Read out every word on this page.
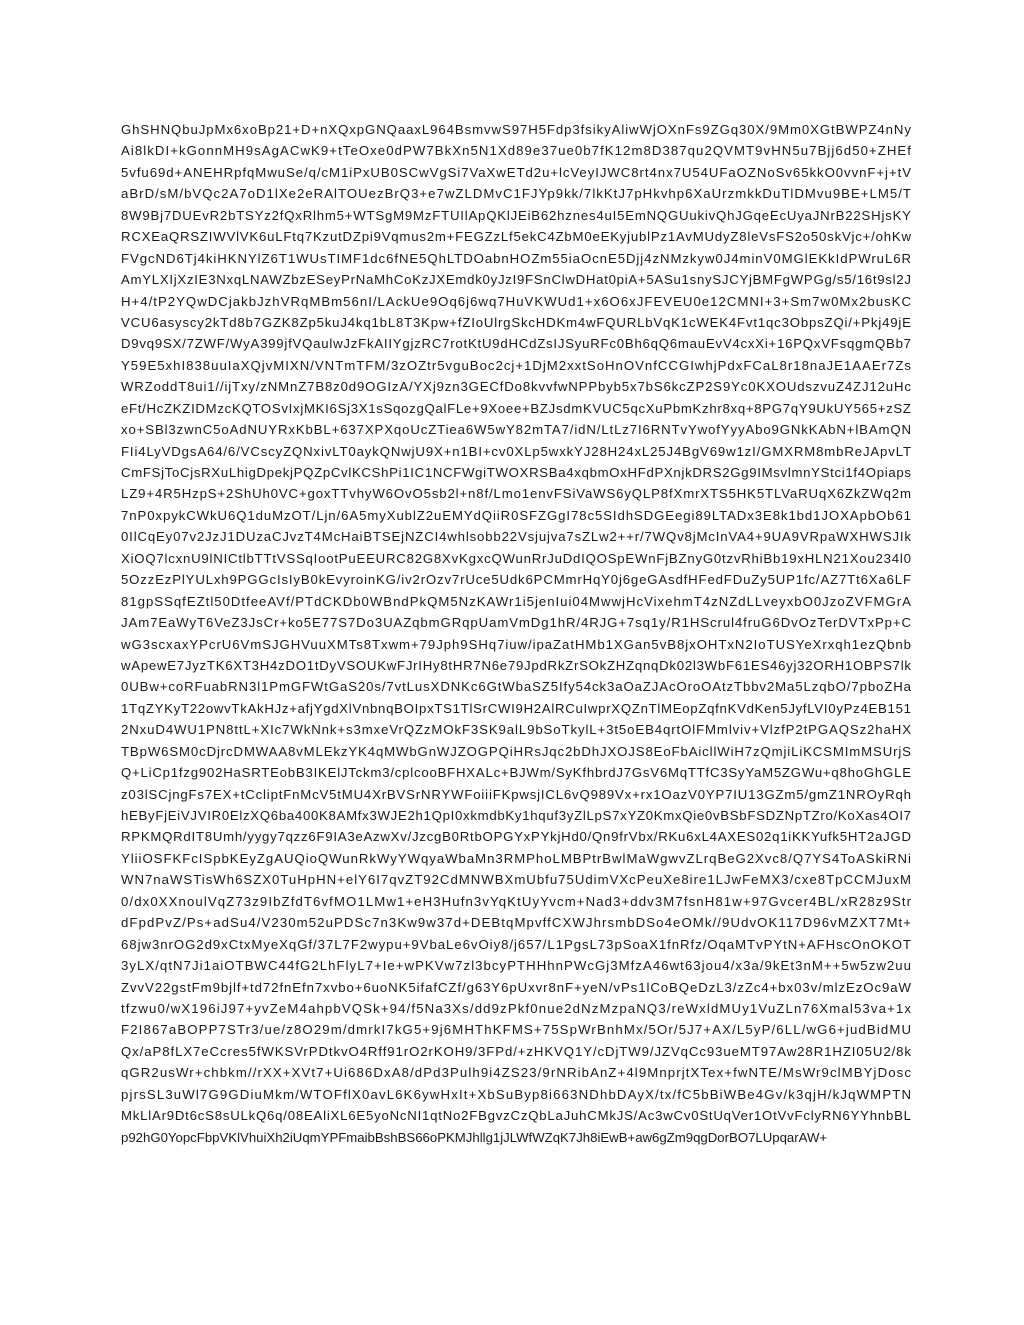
GhSHNQbuJpMx6xoBp21+D+nXQxpGNQaaxL964BsmvwS97H5Fdp3fsikyAliwWjOXnFs9ZGq30X/9Mm0XGtBWPZ4nNy
Ai8lkDI+kGonnMH9sAgACwK9+tTeOxe0dPW7BkXn5N1Xd89e37ue0b7fK12m8D387qu2QVMT9vHN5u7Bjj6d50+ZHEf
5vfu69d+ANEHRpfqMwuSe/q/cM1iPxUB0SCwVgSi7VaXwETd2u+lcVeyIJWC8rt4nx7U54UFaOZNoSv65kkO0vvnF+j+tV
aBrD/sM/bVQc2A7oD1lXe2eRAlTOUezBrQ3+e7wZLDMvC1FJYp9kk/7lkKtJ7pHkvhp6XaUrzmkkDuTlDMvu9BE+LM5/T
8W9Bj7DUEvR2bTSYz2fQxRlhm5+WTSgM9MzFTUIlApQKlJEiB62hznes4uI5EmNQGUukivQhJGqeEcUyaJNrB22SHjsKY
RCXEaQRSZIWVlVK6uLFtq7KzutDZpi9Vqmus2m+FEGZzLf5ekC4ZbM0eEKyjublPz1AvMUdyZ8leVsFS2o50skVjc+/ohKw
FVgcND6Tj4kiHKNYlZ6T1WUsTIMF1dc6fNE5QhLTDOabnHOZm55iaOcnE5Djj4zNMzkyw0J4minV0MGlEKkIdPWruL6R
AmYLXIjXzIE3NxqLNAWZbzESeyPrNaMhCoKzJXEmdk0yJzI9FSnClwDHat0piA+5ASu1snySJCYjBMFgWPGg/s5/16t9sl2J
H+4/tP2YQwDCjakbJzhVRqMBm56nI/LAckUe9Oq6j6wq7HuVKWUd1+x6O6xJFEVEU0e12CMNI+3+Sm7w0Mx2busKC
VCU6asyscy2kTd8b7GZK8Zp5kuJ4kq1bL8T3Kpw+fZIoUlrgSkcHDKm4wFQURLbVqK1cWEK4Fvt1qc3ObpsZQi/+Pkj49jE
D9vq9SX/7ZWF/WyA399jfVQaulwJzFkAIIYgjzRC7rotKtU9dHCdZsIJSyuRFc0Bh6qQ6mauEvV4cxXi+16PQxVFsqgmQBb7
Y59E5xhI838uuIaXQjvMIXN/VNTmTFM/3zOZtr5vguBoc2cj+1DjM2xxtSoHnOVnfCCGIwhjPdxFCaL8r18naJE1AAEr7Zs
WRZoddT8ui1//ijTxy/zNMnZ7B8z0d9OGIzA/YXj9zn3GECfDo8kvvfwNPPbyb5x7bS6kcZP2S9Yc0KXOUdszvuZ4ZJ12uHc
eFt/HcZKZIDMzcKQTOSvIxjMKI6Sj3X1sSqozgQalFLe+9Xoee+BZJsdmKVUC5qcXuPbmKzhr8xq+8PG7qY9UkUY565+zSZ
xo+SBl3zwnC5oAdNUYRxKbBL+637XPXqoUcZTiea6W5wY82mTA7/idN/LtLz7I6RNTvYwofYyyAbo9GNkKAbN+lBAmQN
FIi4LyVDgsA64/6/VCscyZQNxivLT0aykQNwjU9X+n1BI+cv0XLp5wxkYJ28H24xL25J4BgV69w1zI/GMXRM8mbReJApvLT
CmFSjToCjsRXuLhigDpekjPQZpCvlKCShPi1IC1NCFWgiTWOXRSBa4xqbmOxHFdPXnjkDRS2Gg9IMsvlmnYStci1f4Opiaps
LZ9+4R5HzpS+2ShUh0VC+goxTTvhyW6OvO5sb2l+n8f/Lmo1envFSiVaWS6yQLP8fXmrXTS5HK5TLVaRUqX6ZkZWq2m
7nP0xpykCWkU6Q1duMzOT/Ljn/6A5myXublZ2uEMYdQiiR0SFZGgI78c5SIdhSDGEegi89LTADx3E8k1bd1JOXApbOb61
0IlCqEy07v2JzJ1DUzaCJvzT4McHaiBTSEjNZCI4whlsobb22Vsjujva7sZLw2++r/7WQv8jMcInVA4+9UA9VRpaWXHWSJIk
XiOQ7lcxnU9lNICtlbTTtVSSqIootPuEEURC82G8XvKgxcQWunRrJuDdIQOSpEWnFjBZnyG0tzvRhiBb19xHLN21Xou234l0
5OzzEzPlYULxh9PGGcIsIyB0kEvyroinKG/iv2rOzv7rUce5Udk6PCMmrHqY0j6geGAsdfHFedFDuZy5UP1fc/AZ7Tt6Xa6LF
81gpSSqfEZtl50DtfeeAVf/PTdCKDb0WBndPkQM5NzKAWr1i5jenIui04MwwjHcVixehmT4zNZdLLveyxbO0JzoZVFMGrA
JAm7EaWyT6VeZ3JsCr+ko5E77S7Do3UAZqbmGRqpUamVmDg1hR/4RJG+7sq1y/R1HScrul4fruG6DvOzTerDVTxPp+C
wG3scxaxYPcrU6VmSJGHVuuXMTs8Txwm+79Jph9SHq7iuw/ipaZatHMb1XGan5vB8jxOHTxN2IoTUSYeXrxqh1ezQbnb
wApewE7JyzTK6XT3H4zDO1tDyVSOUKwFJrIHy8tHR7N6e79JpdRkZrSOkZHZqnqDk02l3WbF61ES46yj32ORH1OBPS7lk
0UBw+coRFuabRN3l1PmGFWtGaS20s/7vtLusXDNKc6GtWbaSZ5Ify54ck3aOaZJAcOroOAtzTbbv2Ma5LzqbO/7pboZHa
1TqZYKyT22owvTkAkHJz+afjYgdXlVnbnqBOIpxTS1TlSrCWI9H2AlRCuIwprXQZnTlMEopZqfnKVdKen5JyfLVI0yPz4EB151
2NxuD4WU1PN8ttL+XIc7WkNnk+s3mxeVrQZzMOkF3SK9alL9bSoTkylL+3t5oEB4qrtOlFMmlviv+VlzfP2tPGAQSz2haHX
TBpW6SM0cDjrcDMWAA8vMLEkzYK4qMWbGnWJZOGPQiHRsJqc2bDhJXOJS8EoFbAicllWiH7zQmjiLiKCSMImMSUrjS
Q+LiCp1fzg902HaSRTEobB3IKElJTckm3/cplcooBFHXALc+BJWm/SyKfhbrdJ7GsV6MqTTfC3SyYaM5ZGWu+q8hoGhGLE
z03lSCjngFs7EX+tCcliptFnMcV5tMU4XrBVSrNRYWFoiiiFKpwsjICL6vQ989Vx+rx1OazV0YP7IU13GZm5/gmZ1NROyRqh
hEByFjEiVJVIR0ElzXQ6ba400K8AMfx3WJE2h1QpI0xkmdbKy1hquf3yZlLpS7xYZ0KmxQie0vBSbFSDZNpTZro/KoXas4OI7
RPKMQRdIT8Umh/yygy7qzz6F9IA3eAzwXv/JzcgB0RtbOPGYxPYkjHd0/Qn9frVbx/RKu6xL4AXES02q1iKKYufk5HT2aJGD
YliiOSFKFcISpbKEyZgAUQioQWunRkWyYWqyaWbaMn3RMPhoLMBPtrBwlMaWgwvZLrqBeG2Xvc8/Q7YS4ToASkiRNi
WN7naWSTisWh6SZX0TuHpHN+elY6I7qvZT92CdMNWBXmUbfu75UdimVXcPeuXe8ire1LJwFeMX3/cxe8TpCCMJuxM
0/dx0XXnoulVqZ73z9IbZfdT6vfMO1LMw1+eH3Hufn3vYqKtUyYvcm+Nad3+ddv3M7fsnH81w+97Gvcer4BL/xR28z9Str
dFpdPvZ/Ps+adSu4/V230m52uPDSc7n3Kw9w37d+DEBtqMpvffCXWJhrsmbDSo4eOMk//9UdvOK117D96vMZXT7Mt+
68jw3nrOG2d9xCtxMyeXqGf/37L7F2wypu+9VbaLe6vOiy8/j657/L1PgsL73pSoaX1fnRfz/OqaMTvPYtN+AFHscOnOKOT
3yLX/qtN7Ji1aiOTBWC44fG2LhFlyL7+Ie+wPKVw7zl3bcyPTHHhnPWcGj3MfzA46wt63jou4/x3a/9kEt3nM++5w5zw2uu
ZvvV22gstFm9bjlf+td72fnEfn7xvbo+6uoNK5ifafCZf/g63Y6pUxvr8nF+yeN/vPs1lCoBQeDzL3/zZc4+bx03v/mlzEzOc9aW
tfzwu0/wX196iJ97+yvZeM4ahpbVQSk+94/f5Na3Xs/dd9zPkf0nue2dNzMzpaNQ3/reWxldMUy1VuZLn76Xmal53va+1x
F2I867aBOPP7STr3/ue/z8O29m/dmrkI7kG5+9j6MHThKFMS+75SpWrBnhMx/5Or/5J7+AX/L5yP/6LL/wG6+judBidMU
Qx/aP8fLX7eCcres5fWKSVrPDtkvO4Rff91rO2rKOH9/3FPd/+zHKVQ1Y/cDjTW9/JZVqCc93ueMT97Aw28R1HZI05U2/8k
qGR2usWr+chbkm//rXX+XVt7+Ui686DxA8/dPd3Pulh9i4ZS23/9rNRibAnZ+4l9MnprjtXTex+fwNTE/MsWr9clMBYjDosc
pjrsSL3uWl7G9GDiuMkm/WTOFflX0avL6K6ywHxIt+XbSuByp8i663NDhbDAyX/tx/fC5bBiWBe4Gv/k3qjH/kJqWMPTN
MkLlAr9Dt6cS8sULkQ6q/08EAliXL6E5yoNcNI1qtNo2FBgvzCzQbLaJuhCMkJS/Ac3wCv0StUqVer1OtVvFclyRN6YYhnbBL
p92hG0YopcFbpVKlVhuiXh2iUqmYPFmaibBshBS66oPKMJhllg1jJLWfWZqK7Jh8iEwB+aw6gZm9qgDorBO7LUpqarAW+
